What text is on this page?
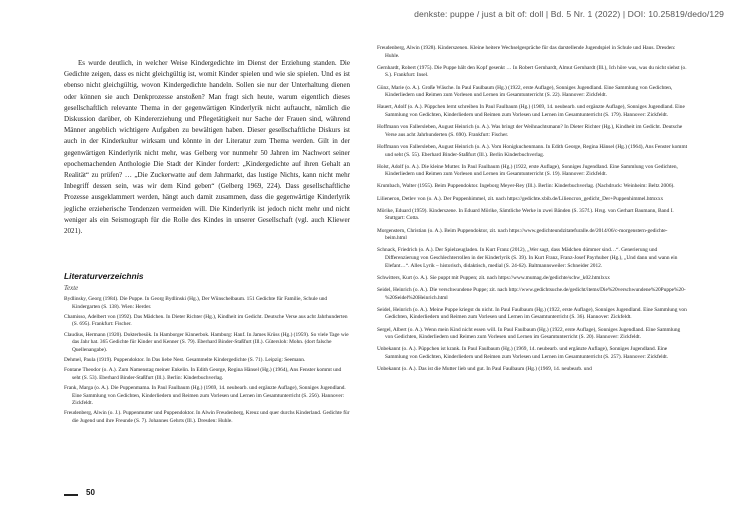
denkste: puppe / just a bit of: doll | Bd. 5 Nr. 1 (2022) | DOI: 10.25819/dedo/129

Es wurde deutlich, in welcher Weise Kindergedichte im Dienst der Erziehung standen. Die Gedichte zeigen, dass es nicht gleichgültig ist, womit Kinder spielen und wie sie spielen. Und es ist ebenso nicht gleichgültig, wovon Kindergedichte handeln. Sollen sie nur der Unterhaltung dienen oder können sie auch Denkprozesse anstoßen? Man fragt sich heute, warum eigentlich dieses gesellschaftlich relevante Thema in der gegenwärtigen Kinderlyrik nicht auftaucht, nämlich die Diskussion darüber, ob Kindererziehung und Pflegetätigkeit nur Sache der Frauen sind, während Männer angeblich wichtigere Aufgaben zu bewältigen haben. Dieser gesellschaftliche Diskurs ist auch in der Kinderkultur wirksam und könnte in der Literatur zum Thema werden. Gilt in der gegenwärtigen Kinderlyrik nicht mehr, was Gelberg vor nunmehr 50 Jahren im Nachwort seiner epochemachenden Anthologie Die Stadt der Kinder fordert: „Kindergedichte auf ihren Gehalt an Realität“ zu prüfen? … „Die Zuckerwatte auf dem Jahrmarkt, das lustige Nichts, kann nicht mehr Inbegriff dessen sein, was wir dem Kind geben“ (Gelberg 1969, 224). Dass gesellschaftliche Prozesse ausgeklammert werden, hängt auch damit zusammen, dass die gegenwärtige Kinderlyrik jegliche erzieherische Tendenzen vermeiden will. Die Kinderlyrik ist jedoch nicht mehr und nicht weniger als ein Seismograph für die Rolle des Kindes in unserer Gesellschaft (vgl. auch Kliewer 2021).

Literaturverzeichnis
Texte
Bydlinsky, Georg (1984). Die Puppe. In Georg Bydlinski (Hg.), Der Wünschelbaum. 151 Gedichte für Familie, Schule und Kindergarten (S. 138). Wien: Herder.
Chamisso, Adelbert von (1992). Das Mädchen. In Dieter Richter (Hg.), Kindheit im Gedicht. Deutsche Verse aus acht Jahrhunderten (S. 695). Frankfurt: Fischer.
Claudius, Hermann (1920). Dokterbesök. In Hamborger Kinnerbok. Hamburg: Hanf. In James Krüss (Hg.) (1959). So viele Tage wie das Jahr hat. 365 Gedichte für Kinder und Kenner (S. 79). Eberhard Binder-Staßfurt (Ill.). Gütersloh: Mohn. (dort falsche Quellenangabe).
Dehmel, Paula (1919). Puppendoktor. In Das liebe Nest. Gesammelte Kindergedichte (S. 71). Leipzig: Seemann.
Fontane Theodor (o. A.). Zum Namenstag meiner Enkelin. In Edith George, Regina Hänsel (Hg.) (1964), Ans Fenster kommt und seht (S. 53). Eberhard Binder-Staßfurt (Ill.). Berlin: Kinderbuchverlag.
Frank, Marga (o. A.). Die Puppenmama. In Paul Faulbaum (Hg.) (1969, 14. neubearb. und ergänzte Auflage), Sonniges Jugendland. Eine Sammlung von Gedichten, Kinderliedern und Reimen zum Vorlesen und Lernen im Gesamtunterricht (S. 256). Hannover: Zickfeldt.
Freudenberg, Alwin (o. J.). Puppenmutter und Puppendoktor. In Alwin Freudenberg, Kreuz und quer durchs Kinderland. Gedichte für die Jugend und ihre Freunde (S. 7). Johannes Gehrts (Ill.). Dresden: Huhle.
Freudenberg, Alwin (1928). Kinderszenen. Kleine heitere Wechselgespräche für das darstellende Jugendspiel in Schule und Haus. Dresden: Huhle.
Gernhardt, Robert (1975). Die Puppe hält den Kopf gesenkt … In Robert Gernhardt, Almut Gernhardt (Ill.), Ich höre was, was du nicht siehst (o. S.). Frankfurt: Insel.
Günz, Marie (o. A.). Große Wäsche. In Paul Faulbaum (Hg.) (1922, erste Auflage), Sonniges Jugendland. Eine Sammlung von Gedichten, Kinderliedern und Reimen zum Vorlesen und Lernen im Gesamtunterricht (S. 22). Hannover: Zickfeldt.
Hauert, Adolf (o. A.). Püppchen lernt schreiben In Paul Faulbaum (Hg.) (1969, 14. neubearb. und ergänzte Auflage), Sonniges Jugendland. Eine Sammlung von Gedichten, Kinderliedern und Reimen zum Vorlesen und Lernen im Gesamtunterricht (S. 179). Hannover: Zickfeldt.
Hoffmann von Fallersleben, August Heinrich (o. A.). Was bringt der Weihnachtsmann? In Dieter Richter (Hg.), Kindheit im Gedicht. Deutsche Verse aus acht Jahrhunderten (S. 690). Frankfurt: Fischer.
Hoffmann von Fallersleben, August Heinrich (o. A.). Vom Honigkuchenmann. In Edith George, Regina Hänsel (Hg.) (1964), Ans Fenster kommt und seht (S. 55). Eberhard Binder-Staßfurt (Ill.). Berlin Kinderbuchverlag.
Holst, Adolf (o. A.). Die kleine Mutter. In Paul Faulbaum (Hg.) (1922, erste Auflage), Sonniges Jugendland. Eine Sammlung von Gedichten, Kinderliedern und Reimen zum Vorlesen und Lernen im Gesamtunterricht (S. 19). Hannover: Zickfeldt.
Krumbach, Walter (1955). Beim Puppendoktor. Ingeborg Meyer-Rey (Ill.). Berlin: Kinderbuchverlag. (Nachdruck: Weinheim: Beltz 2006).
Lilieneron, Detlev von (o. A.). Der Puppenhimmel, zit. nach https://gedichte.xbib.de/Liliencron_gedicht_Der+Puppenhimmel.htmxxx
Mörike, Eduard (1959). Kinderszene. In Eduard Mörike, Sämtliche Werke in zwei Bänden (S. 357f.). Hrsg. von Gerhart Baumann, Band I. Stuttgart: Cotta.
Morgenstern, Christian (o. A.). Beim Puppendoktor, zit. nach https://www.gedichteundzitatefuralle.de/2014/06/c-morgenstern-gedichte-beim.html
Schnack, Friedrich (o. A.). Der Spielzeugladen. In Kurt Franz (2012), „Wer sagt, dass Mädchen dümmer sind…“. Generierung und Differenzierung von Geschlechterrollen in der Kinderlyrik (S. 39). In Kurt Franz, Franz-Josef Payrhuber (Hg.), „Und dann und wann ein Elefant…“. Alles Lyrik – historisch, didaktisch, medial (S. 24-62). Baltmannsweiler: Schneider 2012.
Schwitters, Kurt (o. A.). Sie puppt mit Puppen; zit. nach https://www.mumag.de/gedichte/schw_k02.htmlxxx
Seidel, Heinrich (o. A.). Die verschwundene Puppe; zit. nach http://www.gedichtsuche.de/gedicht/items/Die%20verschwundene%20Puppe%20-%20Seidel%20Heinrich.html
Seidel, Heinrich (o. A.). Meine Puppe kriegst du nicht. In Paul Faulbaum (Hg.) (1922, erste Auflage), Sonniges Jugendland. Eine Sammlung von Gedichten, Kinderliedern und Reimen zum Vorlesen und Lernen im Gesamtunterricht (S. 36). Hannover: Zickfeldt.
Sergel, Albert (o. A.). Wenn mein Kind nicht essen will. In Paul Faulbaum (Hg.) (1922, erste Auflage), Sonniges Jugendland. Eine Sammlung von Gedichten, Kinderliedern und Reimen zum Vorlesen und Lernen im Gesamtunterricht (S. 20). Hannover: Zickfeldt.
Unbekannt (o. A.). Püppchen ist krank. In Paul Faulbaum (Hg.) (1969, 14. neubearb. und ergänzte Auflage), Sonniges Jugendland. Eine Sammlung von Gedichten, Kinderliedern und Reimen zum Vorlesen und Lernen im Gesamtunterricht (S. 257). Hannover: Zickfeldt.
Unbekannt (o. A.). Das ist die Mutter lieb und gut. In Paul Faulbaum (Hg.) (1969, 14. neubearb. und
50
